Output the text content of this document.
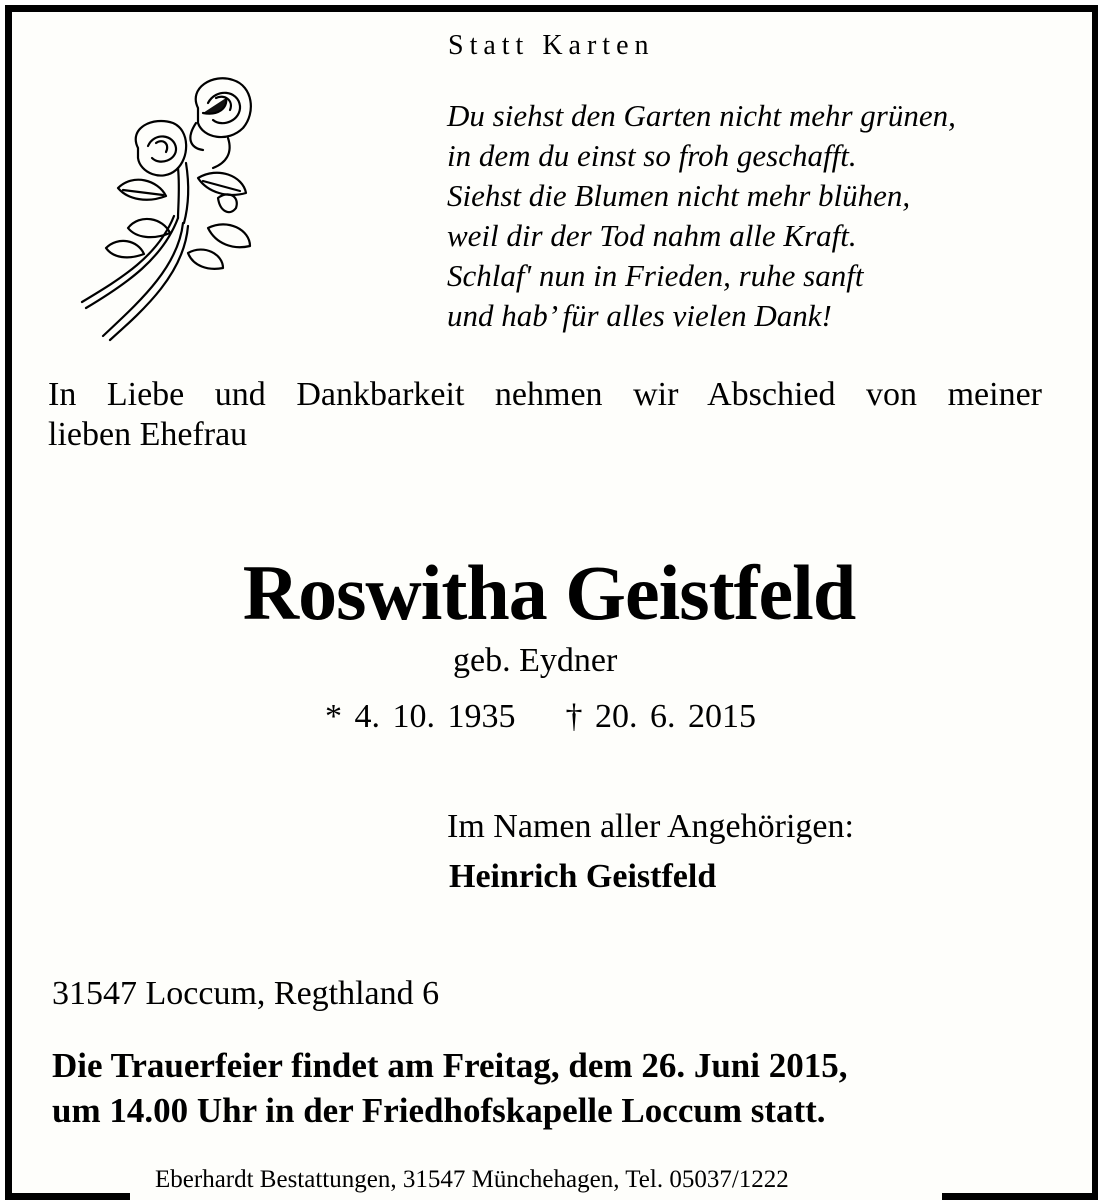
Statt Karten
Du siehst den Garten nicht mehr grünen,
in dem du einst so froh geschafft.
Siehst die Blumen nicht mehr blühen,
weil dir der Tod nahm alle Kraft.
Schlaf' nun in Frieden, ruhe sanft
und hab’ für alles vielen Dank!
In Liebe und Dankbarkeit nehmen wir Abschied von meiner
lieben Ehefrau
Roswitha Geistfeld
geb. Eydner
* 4. 10. 1935    † 20. 6. 2015
Im Namen aller Angehörigen:
Heinrich Geistfeld
31547 Loccum, Regthland 6
Die Trauerfeier findet am Freitag, dem 26. Juni 2015,
um 14.00 Uhr in der Friedhofskapelle Loccum statt.
Eberhardt Bestattungen, 31547 Münchehagen, Tel. 05037/1222
